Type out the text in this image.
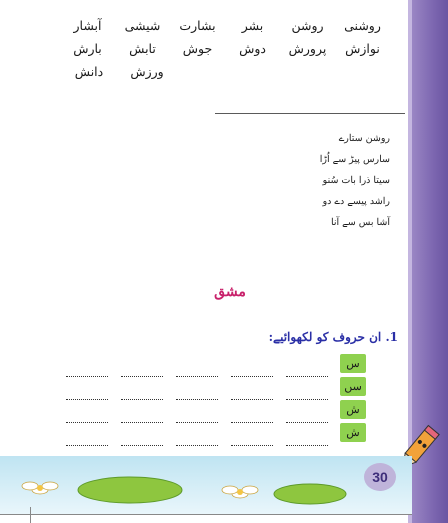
آبشار	شیشی	بشارت	بشر	روشن	روشنی
بارش	تابش	جوش	دوش	پرورش	نوازش
دانش	ورزش
روشن ستارے
سارس پیڑ سے اُڑا
سیتا ذرا بات سُنو
راشد پیسے دے دو
آشا بس سے آنا
مشق
1. ان حروف کو لکھوائیے:
س
سں
ش
ش
30
